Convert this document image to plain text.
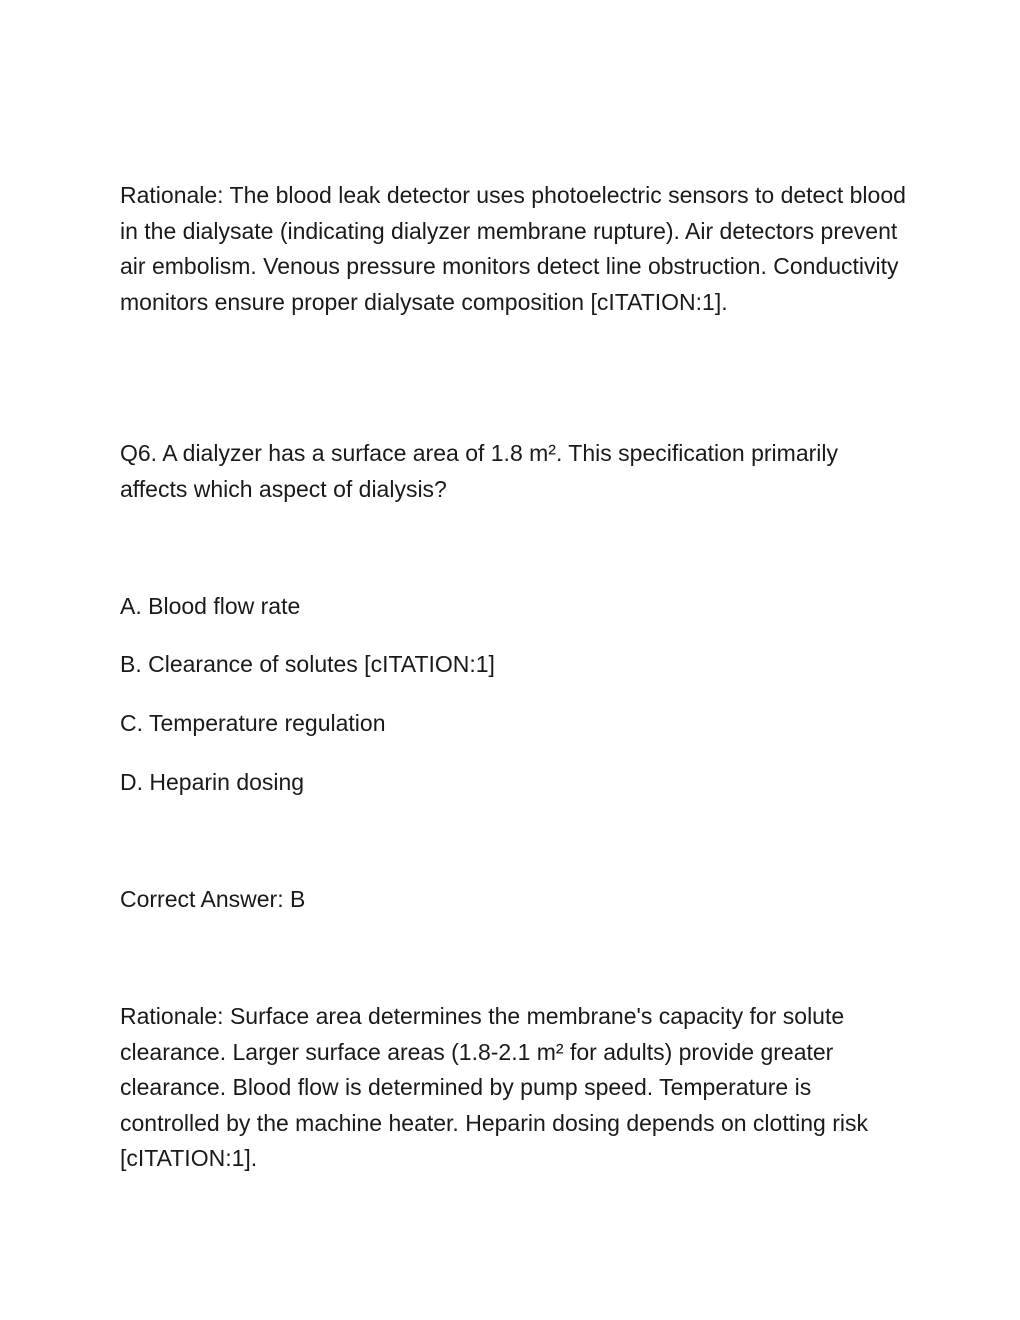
Rationale: The blood leak detector uses photoelectric sensors to detect blood in the dialysate (indicating dialyzer membrane rupture). Air detectors prevent air embolism. Venous pressure monitors detect line obstruction. Conductivity monitors ensure proper dialysate composition [cITATION:1].

Q6. A dialyzer has a surface area of 1.8 m². This specification primarily affects which aspect of dialysis?

A. Blood flow rate

B. Clearance of solutes [cITATION:1]

C. Temperature regulation

D. Heparin dosing

Correct Answer: B

Rationale: Surface area determines the membrane's capacity for solute clearance. Larger surface areas (1.8-2.1 m² for adults) provide greater clearance. Blood flow is determined by pump speed. Temperature is controlled by the machine heater. Heparin dosing depends on clotting risk [cITATION:1].
